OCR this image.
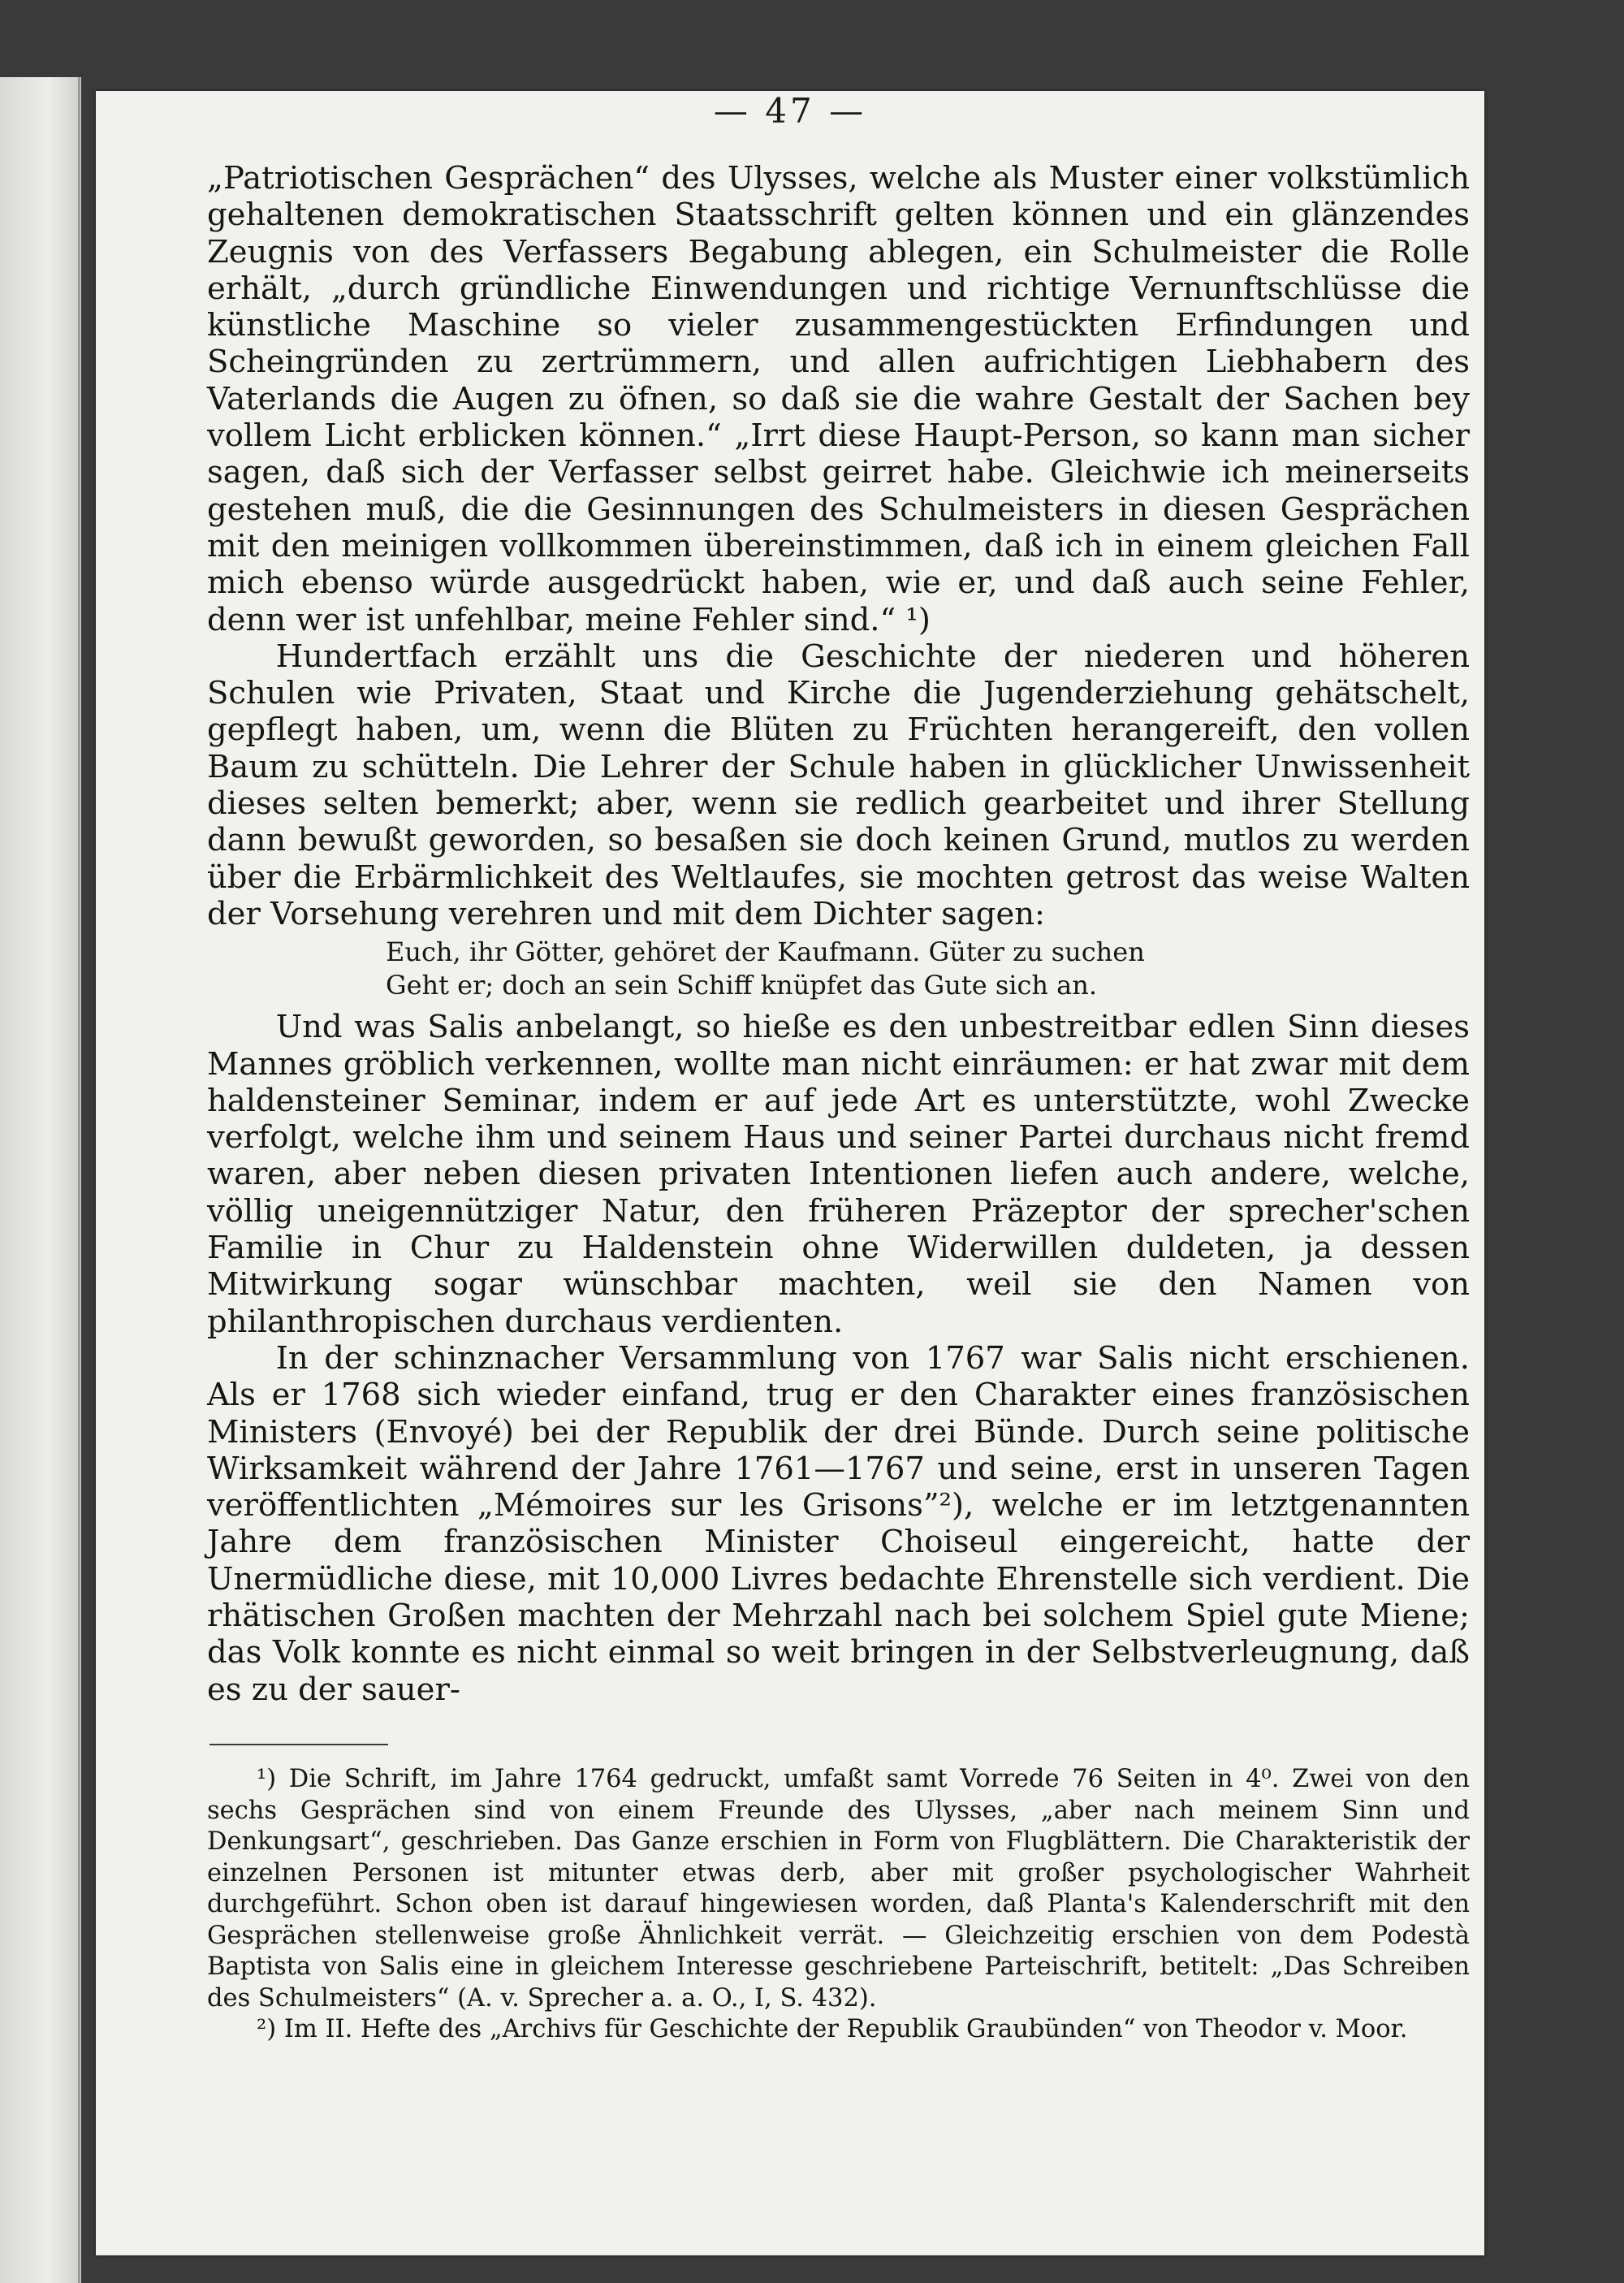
— 47 —

„Patriotischen Gesprächen“ des Ulysses, welche als Muster einer volkstümlich gehaltenen demokratischen Staatsschrift gelten können und ein glänzendes Zeugnis von des Verfassers Begabung ablegen, ein Schulmeister die Rolle erhält, „durch gründliche Einwendungen und richtige Vernunftschlüsse die künstliche Maschine so vieler zusammengestückten Erfindungen und Scheingründen zu zertrümmern, und allen aufrichtigen Liebhabern des Vaterlands die Augen zu öfnen, so daß sie die wahre Gestalt der Sachen bey vollem Licht erblicken können.“ „Irrt diese Haupt-Person, so kann man sicher sagen, daß sich der Verfasser selbst geirret habe. Gleichwie ich meinerseits gestehen muß, die die Gesinnungen des Schulmeisters in diesen Gesprächen mit den meinigen vollkommen übereinstimmen, daß ich in einem gleichen Fall mich ebenso würde ausgedrückt haben, wie er, und daß auch seine Fehler, denn wer ist unfehlbar, meine Fehler sind.“ ¹)

Hundertfach erzählt uns die Geschichte der niederen und höheren Schulen wie Privaten, Staat und Kirche die Jugenderziehung gehätschelt, gepflegt haben, um, wenn die Blüten zu Früchten herangereift, den vollen Baum zu schütteln. Die Lehrer der Schule haben in glücklicher Unwissenheit dieses selten bemerkt; aber, wenn sie redlich gearbeitet und ihrer Stellung dann bewußt geworden, so besaßen sie doch keinen Grund, mutlos zu werden über die Erbärmlichkeit des Weltlaufes, sie mochten getrost das weise Walten der Vorsehung verehren und mit dem Dichter sagen:

Euch, ihr Götter, gehöret der Kaufmann. Güter zu suchen
Geht er; doch an sein Schiff knüpfet das Gute sich an.

Und was Salis anbelangt, so hieße es den unbestreitbar edlen Sinn dieses Mannes gröblich verkennen, wollte man nicht einräumen: er hat zwar mit dem haldensteiner Seminar, indem er auf jede Art es unterstützte, wohl Zwecke verfolgt, welche ihm und seinem Haus und seiner Partei durchaus nicht fremd waren, aber neben diesen privaten Intentionen liefen auch andere, welche, völlig uneigennütziger Natur, den früheren Präzeptor der sprecher'schen Familie in Chur zu Haldenstein ohne Widerwillen duldeten, ja dessen Mitwirkung sogar wünschbar machten, weil sie den Namen von philanthropischen durchaus verdienten.

In der schinznacher Versammlung von 1767 war Salis nicht erschienen. Als er 1768 sich wieder einfand, trug er den Charakter eines französischen Ministers (Envoyé) bei der Republik der drei Bünde. Durch seine politische Wirksamkeit während der Jahre 1761—1767 und seine, erst in unseren Tagen veröffentlichten „Mémoires sur les Grisons”²), welche er im letztgenannten Jahre dem französischen Minister Choiseul eingereicht, hatte der Unermüdliche diese, mit 10,000 Livres bedachte Ehrenstelle sich verdient. Die rhätischen Großen machten der Mehrzahl nach bei solchem Spiel gute Miene; das Volk konnte es nicht einmal so weit bringen in der Selbstverleugnung, daß es zu der sauer-

¹) Die Schrift, im Jahre 1764 gedruckt, umfaßt samt Vorrede 76 Seiten in 4⁰. Zwei von den sechs Gesprächen sind von einem Freunde des Ulysses, „aber nach meinem Sinn und Denkungsart“, geschrieben. Das Ganze erschien in Form von Flugblättern. Die Charakteristik der einzelnen Personen ist mitunter etwas derb, aber mit großer psychologischer Wahrheit durchgeführt. Schon oben ist darauf hingewiesen worden, daß Planta's Kalenderschrift mit den Gesprächen stellenweise große Ähnlichkeit verrät. — Gleichzeitig erschien von dem Podestà Baptista von Salis eine in gleichem Interesse geschriebene Parteischrift, betitelt: „Das Schreiben des Schulmeisters“ (A. v. Sprecher a. a. O., I, S. 432).

²) Im II. Hefte des „Archivs für Geschichte der Republik Graubünden“ von Theodor v. Moor.
